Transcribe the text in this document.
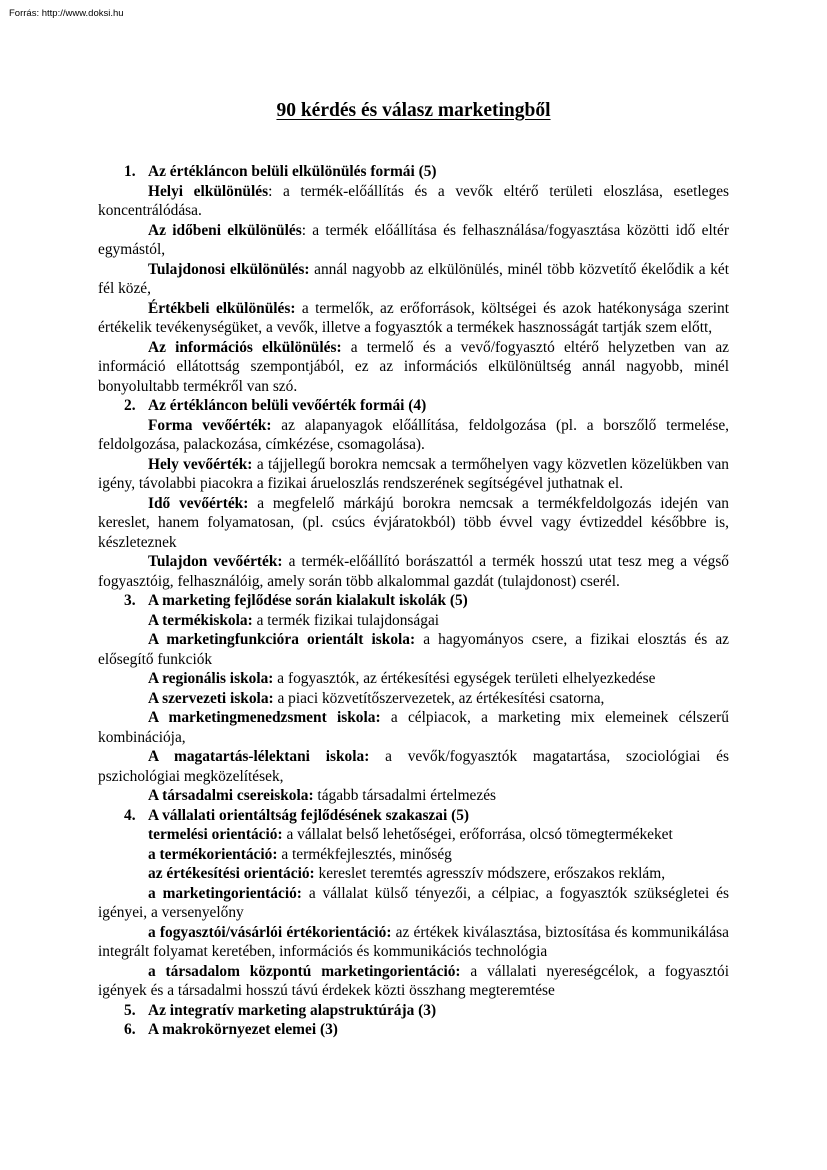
Forrás: http://www.doksi.hu
90 kérdés és válasz marketingből
1. Az értékláncon belüli elkülönülés formái (5)
Helyi elkülönülés: a termék-előállítás és a vevők eltérő területi eloszlása, esetleges koncentrálódása.
Az időbeni elkülönülés: a termék előállítása és felhasználása/fogyasztása közötti idő eltér egymástól,
Tulajdonosi elkülönülés: annál nagyobb az elkülönülés, minél több közvetítő ékelődik a két fél közé,
Értékbeli elkülönülés: a termelők, az erőforrások, költségei és azok hatékonysága szerint értékelik tevékenységüket, a vevők, illetve a fogyasztók a termékek hasznosságát tartják szem előtt,
Az információs elkülönülés: a termelő és a vevő/fogyasztó eltérő helyzetben van az információ ellátottság szempontjából, ez az információs elkülönültség annál nagyobb, minél bonyolultabb termékről van szó.
2. Az értékláncon belüli vevőérték formái (4)
Forma vevőérték: az alapanyagok előállítása, feldolgozása (pl. a borszőlő termelése, feldolgozása, palackozása, címkézése, csomagolása).
Hely vevőérték: a tájjellegű borokra nemcsak a termőhelyen vagy közvetlen közelükben van igény, távolabbi piacokra a fizikai árueloszlás rendszerének segítségével juthatnak el.
Idő vevőérték: a megfelelő márkájú borokra nemcsak a termékfeldolgozás idején van kereslet, hanem folyamatosan, (pl. csúcs évjáratokból) több évvel vagy évtizeddel későbbre is, készleteznek
Tulajdon vevőérték: a termék-előállító borászattól a termék hosszú utat tesz meg a végső fogyasztóig, felhasználóig, amely során több alkalommal gazdát (tulajdonost) cserél.
3. A marketing fejlődése során kialakult iskolák (5)
A termékiskola: a termék fizikai tulajdonságai
A marketingfunkcióra orientált iskola: a hagyományos csere, a fizikai elosztás és az elősegítő funkciók
A regionális iskola: a fogyasztók, az értékesítési egységek területi elhelyezkedése
A szervezeti iskola: a piaci közvetítőszervezetek, az értékesítési csatorna,
A marketingmenedzsment iskola: a célpiacok, a marketing mix elemeinek célszerű kombinációja,
A magatartás-lélektani iskola: a vevők/fogyasztók magatartása, szociológiai és pszichológiai megközelítések,
A társadalmi csereiskola: tágabb társadalmi értelmezés
4. A vállalati orientáltság fejlődésének szakaszai (5)
termelési orientáció: a vállalat belső lehetőségei, erőforrása, olcsó tömegtermékeket
a termékorientáció: a termékfejlesztés, minőség
az értékesítési orientáció: kereslet teremtés agresszív módszere, erőszakos reklám,
a marketingorientáció: a vállalat külső tényezői, a célpiac, a fogyasztók szükségletei és igényei, a versenyelőny
a fogyasztói/vásárlói értékorientáció: az értékek kiválasztása, biztosítása és kommunikálása integrált folyamat keretében, információs és kommunikációs technológia
a társadalom központú marketingorientáció: a vállalati nyereségcélok, a fogyasztói igények és a társadalmi hosszú távú érdekek közti összhang megteremtése
5. Az integratív marketing alapstruktúrája (3)
6. A makrokörnyezet elemei (3)
